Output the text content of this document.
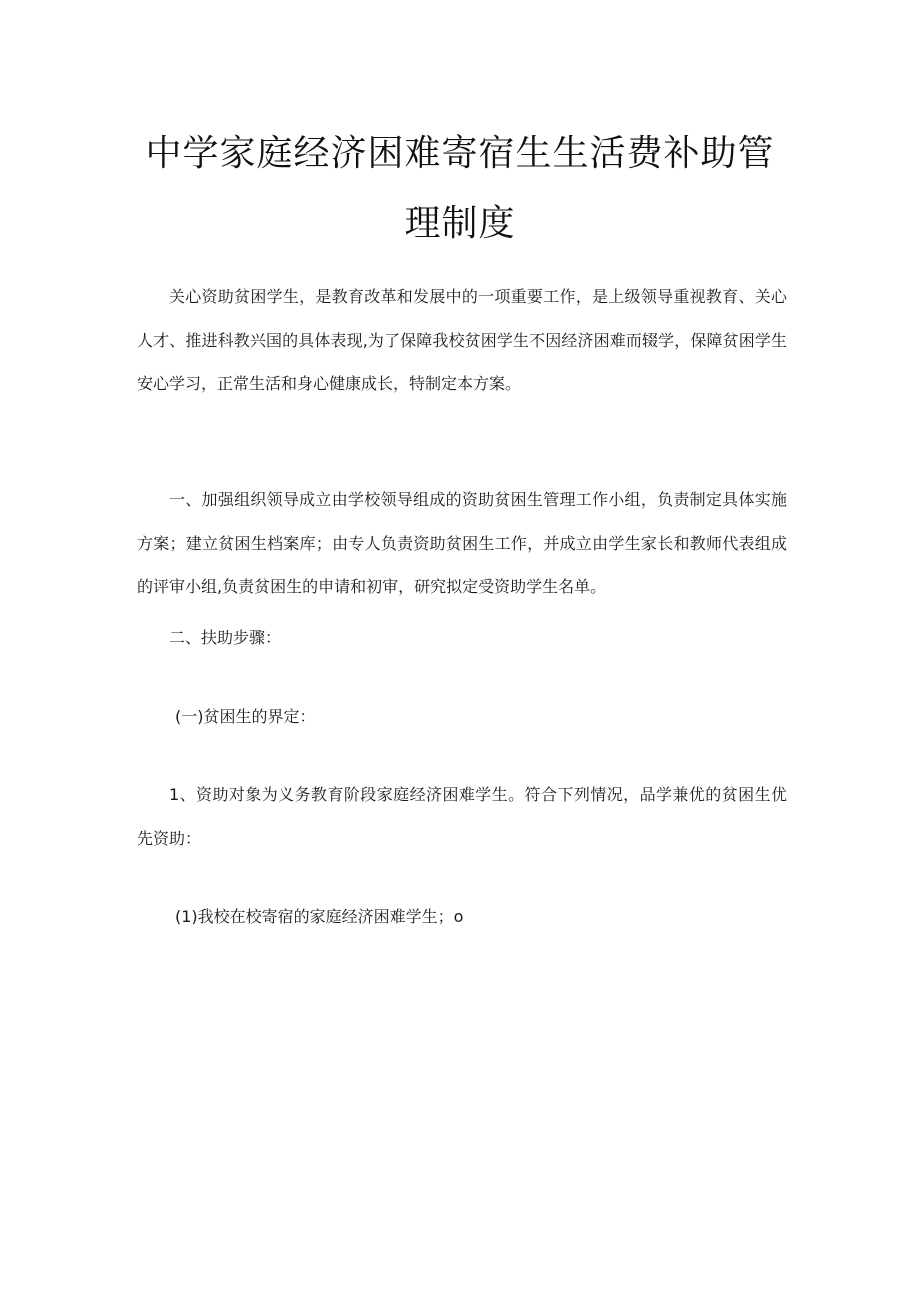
中学家庭经济困难寄宿生生活费补助管
理制度
关心资助贫困学生，是教育改革和发展中的一项重要工作，是上级领导重视教育、关心人才、推进科教兴国的具体表现,为了保障我校贫困学生不因经济困难而辍学，保障贫困学生安心学习，正常生活和身心健康成长，特制定本方案。
一、加强组织领导成立由学校领导组成的资助贫困生管理工作小组，负责制定具体实施方案；建立贫困生档案库；由专人负责资助贫困生工作，并成立由学生家长和教师代表组成的评审小组,负责贫困生的申请和初审，研究拟定受资助学生名单。
二、扶助步骤：
(一)贫困生的界定：
1、资助对象为义务教育阶段家庭经济困难学生。符合下列情况，品学兼优的贫困生优先资助：
(1)我校在校寄宿的家庭经济困难学生；o
